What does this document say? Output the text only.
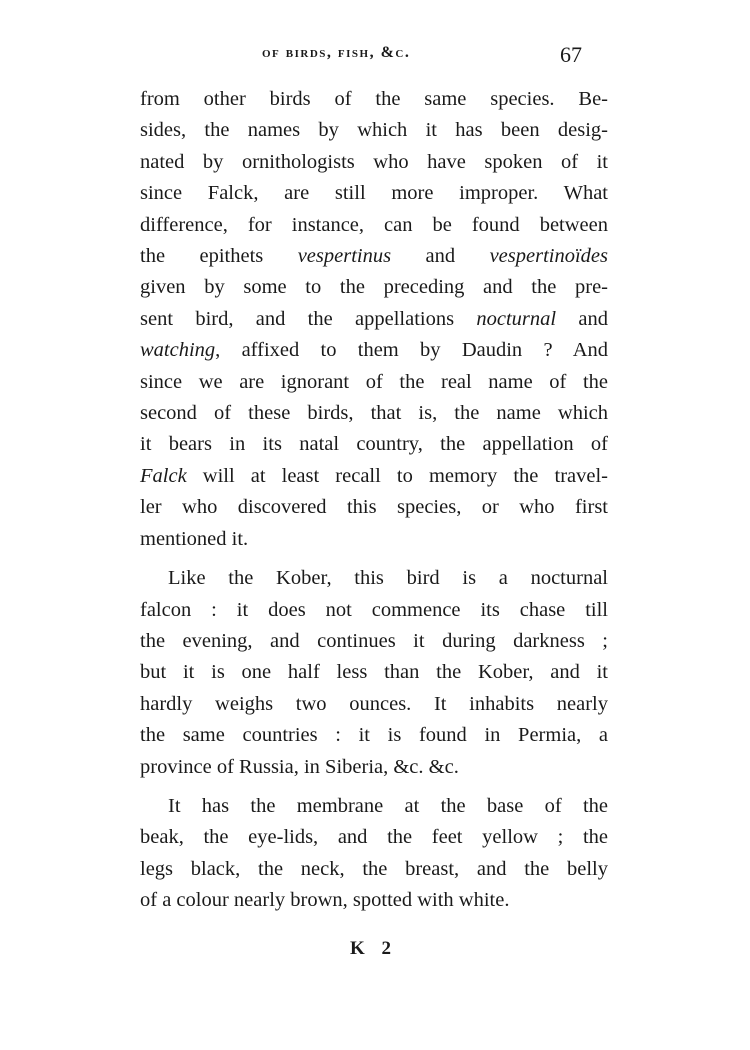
of birds, fish, &c.	67
from other birds of the same species. Be-
sides, the names by which it has been desig-
nated by ornithologists who have spoken of it
since Falck, are still more improper. What
difference, for instance, can be found between
the epithets vespertinus and vespertinoïdes
given by some to the preceding and the pre-
sent bird, and the appellations nocturnal and
watching, affixed to them by Daudin ? And
since we are ignorant of the real name of the
second of these birds, that is, the name which
it bears in its natal country, the appellation of
Falck will at least recall to memory the travel-
ler who discovered this species, or who first
mentioned it.
Like the Kober, this bird is a nocturnal
falcon : it does not commence its chase till
the evening, and continues it during darkness ;
but it is one half less than the Kober, and it
hardly weighs two ounces. It inhabits nearly
the same countries : it is found in Permia, a
province of Russia, in Siberia, &c. &c.
It has the membrane at the base of the
beak, the eye-lids, and the feet yellow ; the
legs black, the neck, the breast, and the belly
of a colour nearly brown, spotted with white.
K 2
